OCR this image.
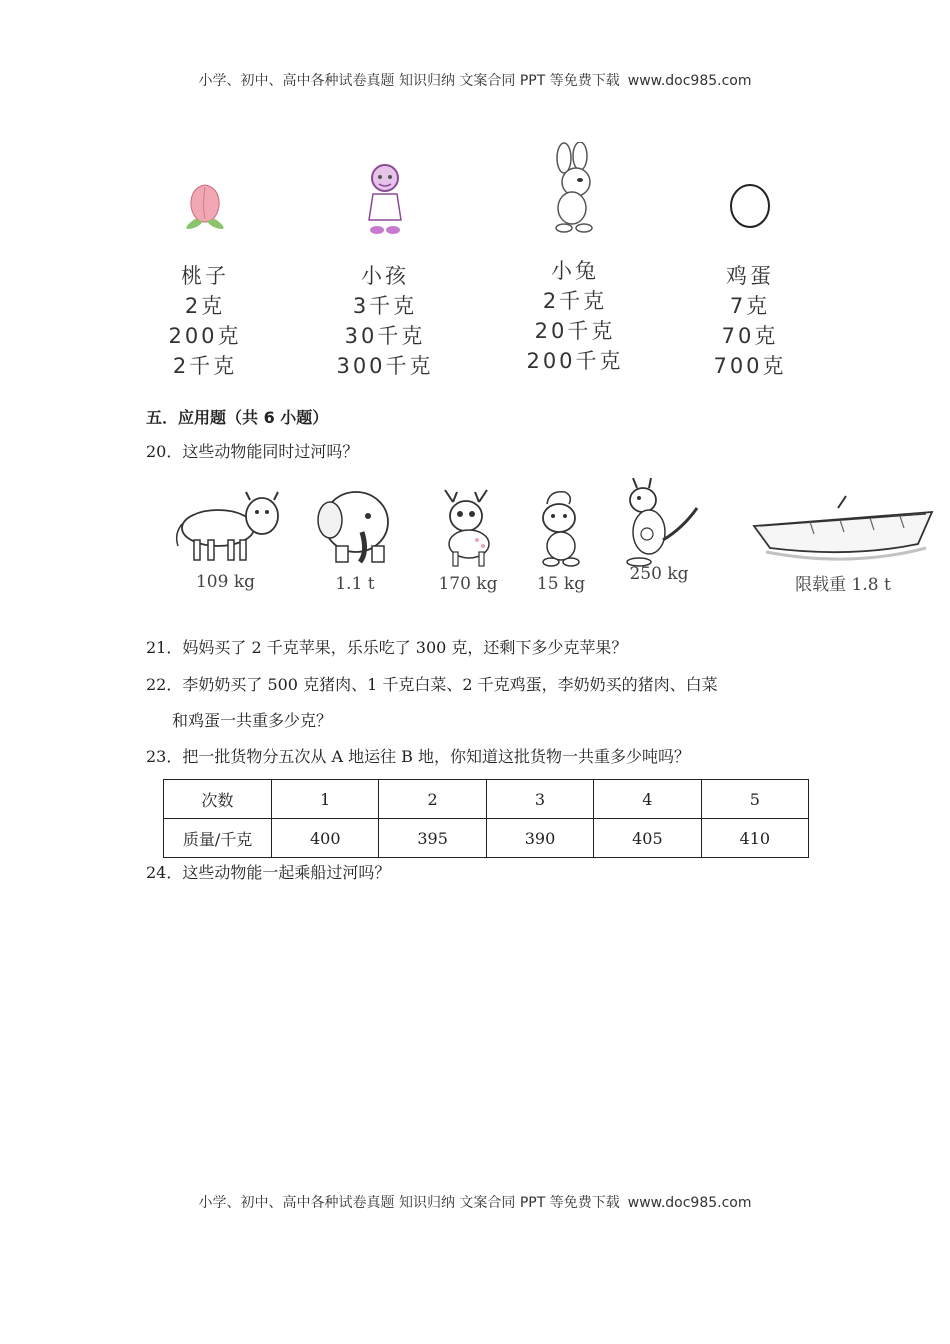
小学、初中、高中各种试卷真题 知识归纳 文案合同 PPT 等免费下载 www.doc985.com
桃子
2克
200克
2千克
小孩
3千克
30千克
300千克
小兔
2千克
20千克
200千克
鸡蛋
7克
70克
700克
五．应用题（共 6 小题）
20．这些动物能同时过河吗？
109 kg	1.1 t	170 kg	15 kg	250 kg
限载重 1.8 t
21．妈妈买了 2 千克苹果，乐乐吃了 300 克，还剩下多少克苹果？
22．李奶奶买了 500 克猪肉、1 千克白菜、2 千克鸡蛋，李奶奶买的猪肉、白菜
和鸡蛋一共重多少克？
23．把一批货物分五次从 A 地运往 B 地，你知道这批货物一共重多少吨吗？
次数	1	2	3	4	5
质量/千克	400	395	390	405	410
24．这些动物能一起乘船过河吗？
小学、初中、高中各种试卷真题 知识归纳 文案合同 PPT 等免费下载 www.doc985.com
